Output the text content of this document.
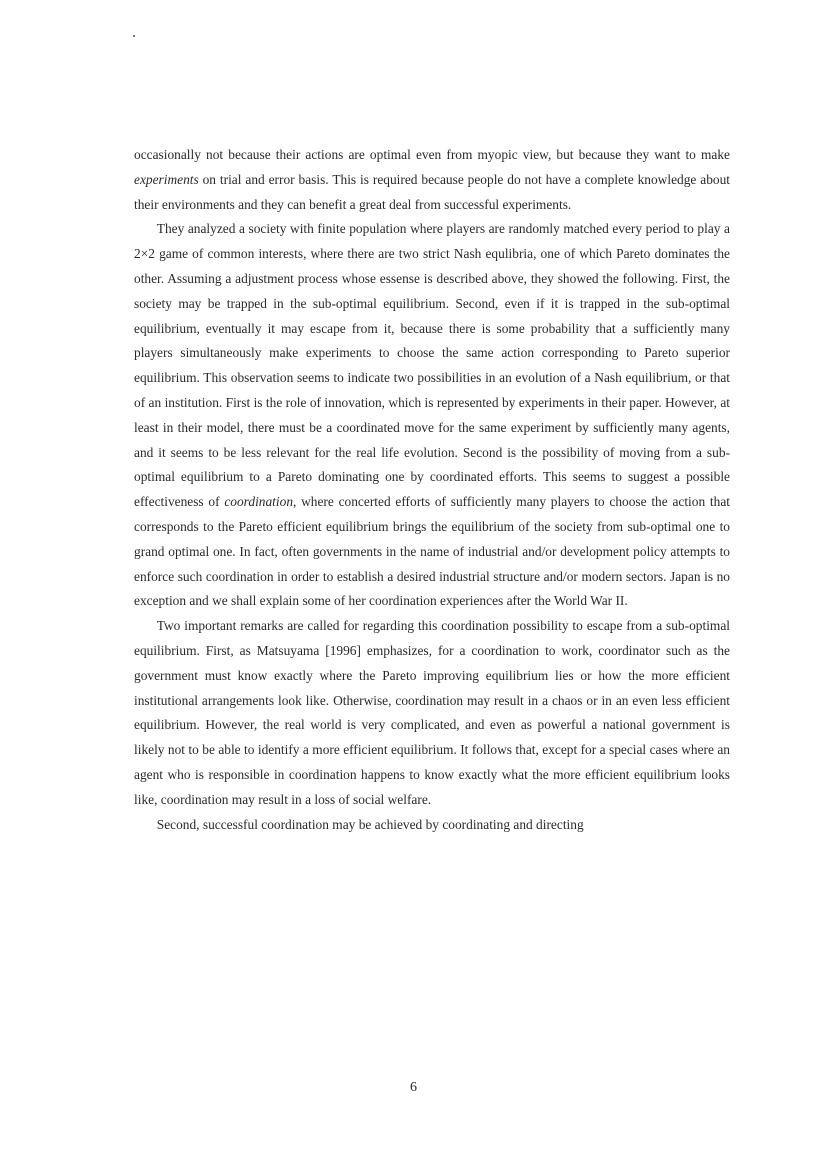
occasionally not because their actions are optimal even from myopic view, but because they want to make experiments on trial and error basis. This is required because people do not have a complete knowledge about their environments and they can benefit a great deal from successful experiments.

They analyzed a society with finite population where players are randomly matched every period to play a 2×2 game of common interests, where there are two strict Nash equlibria, one of which Pareto dominates the other. Assuming a adjustment process whose essense is described above, they showed the following. First, the society may be trapped in the sub-optimal equilibrium. Second, even if it is trapped in the sub-optimal equilibrium, eventually it may escape from it, because there is some probability that a sufficiently many players simultaneously make experiments to choose the same action corresponding to Pareto superior equilibrium. This observation seems to indicate two possibilities in an evolution of a Nash equilibrium, or that of an institution. First is the role of innovation, which is represented by experiments in their paper. However, at least in their model, there must be a coordinated move for the same experiment by sufficiently many agents, and it seems to be less relevant for the real life evolution. Second is the possibility of moving from a sub-optimal equilibrium to a Pareto dominating one by coordinated efforts. This seems to suggest a possible effectiveness of coordination, where concerted efforts of sufficiently many players to choose the action that corresponds to the Pareto efficient equilibrium brings the equilibrium of the society from sub-optimal one to grand optimal one. In fact, often governments in the name of industrial and/or development policy attempts to enforce such coordination in order to establish a desired industrial structure and/or modern sectors. Japan is no exception and we shall explain some of her coordination experiences after the World War II.

Two important remarks are called for regarding this coordination possibility to escape from a sub-optimal equilibrium. First, as Matsuyama [1996] emphasizes, for a coordination to work, coordinator such as the government must know exactly where the Pareto improving equilibrium lies or how the more efficient institutional arrangements look like. Otherwise, coordination may result in a chaos or in an even less efficient equilibrium. However, the real world is very complicated, and even as powerful a national government is likely not to be able to identify a more efficient equilibrium. It follows that, except for a special cases where an agent who is responsible in coordination happens to know exactly what the more efficient equilibrium looks like, coordination may result in a loss of social welfare.

Second, successful coordination may be achieved by coordinating and directing

6
